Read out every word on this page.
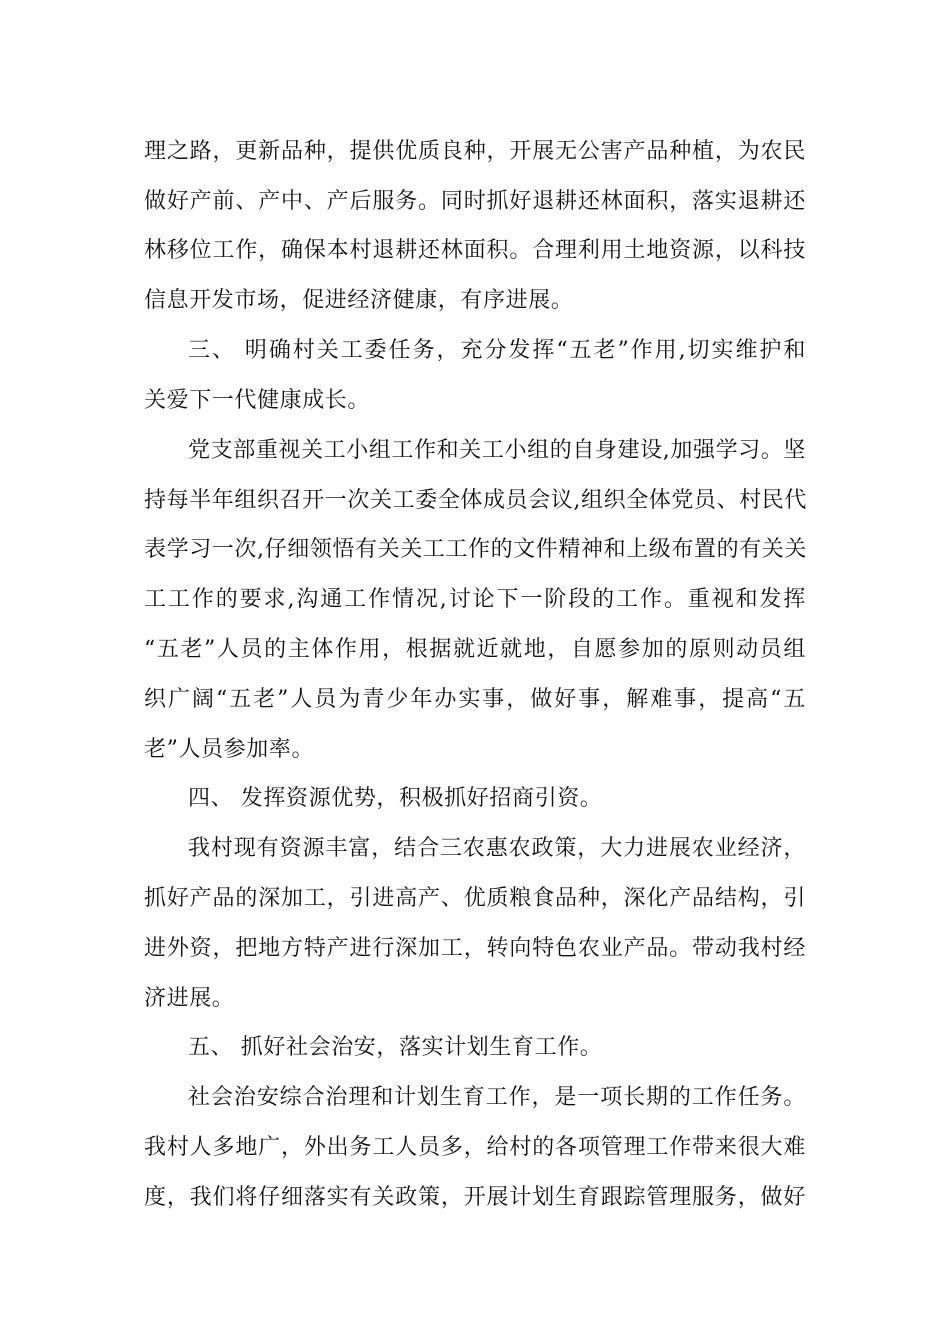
理之路，更新品种，提供优质良种，开展无公害产品种植，为农民
做好产前、产中、产后服务。同时抓好退耕还林面积，落实退耕还
林移位工作，确保本村退耕还林面积。合理利用土地资源，以科技
信息开发市场，促进经济健康，有序进展。
三、 明确村关工委任务，充分发挥“五老”作用,切实维护和
关爱下一代健康成长。
党支部重视关工小组工作和关工小组的自身建设,加强学习。坚
持每半年组织召开一次关工委全体成员会议,组织全体党员、村民代
表学习一次,仔细领悟有关关工工作的文件精神和上级布置的有关关
工工作的要求,沟通工作情况,讨论下一阶段的工作。重视和发挥
“五老”人员的主体作用，根据就近就地，自愿参加的原则动员组
织广阔“五老”人员为青少年办实事，做好事，解难事，提高“五
老”人员参加率。
四、 发挥资源优势，积极抓好招商引资。
我村现有资源丰富，结合三农惠农政策，大力进展农业经济，
抓好产品的深加工，引进高产、优质粮食品种，深化产品结构，引
进外资，把地方特产进行深加工，转向特色农业产品。带动我村经
济进展。
五、 抓好社会治安，落实计划生育工作。
社会治安综合治理和计划生育工作，是一项长期的工作任务。
我村人多地广，外出务工人员多，给村的各项管理工作带来很大难
度，我们将仔细落实有关政策，开展计划生育跟踪管理服务，做好
